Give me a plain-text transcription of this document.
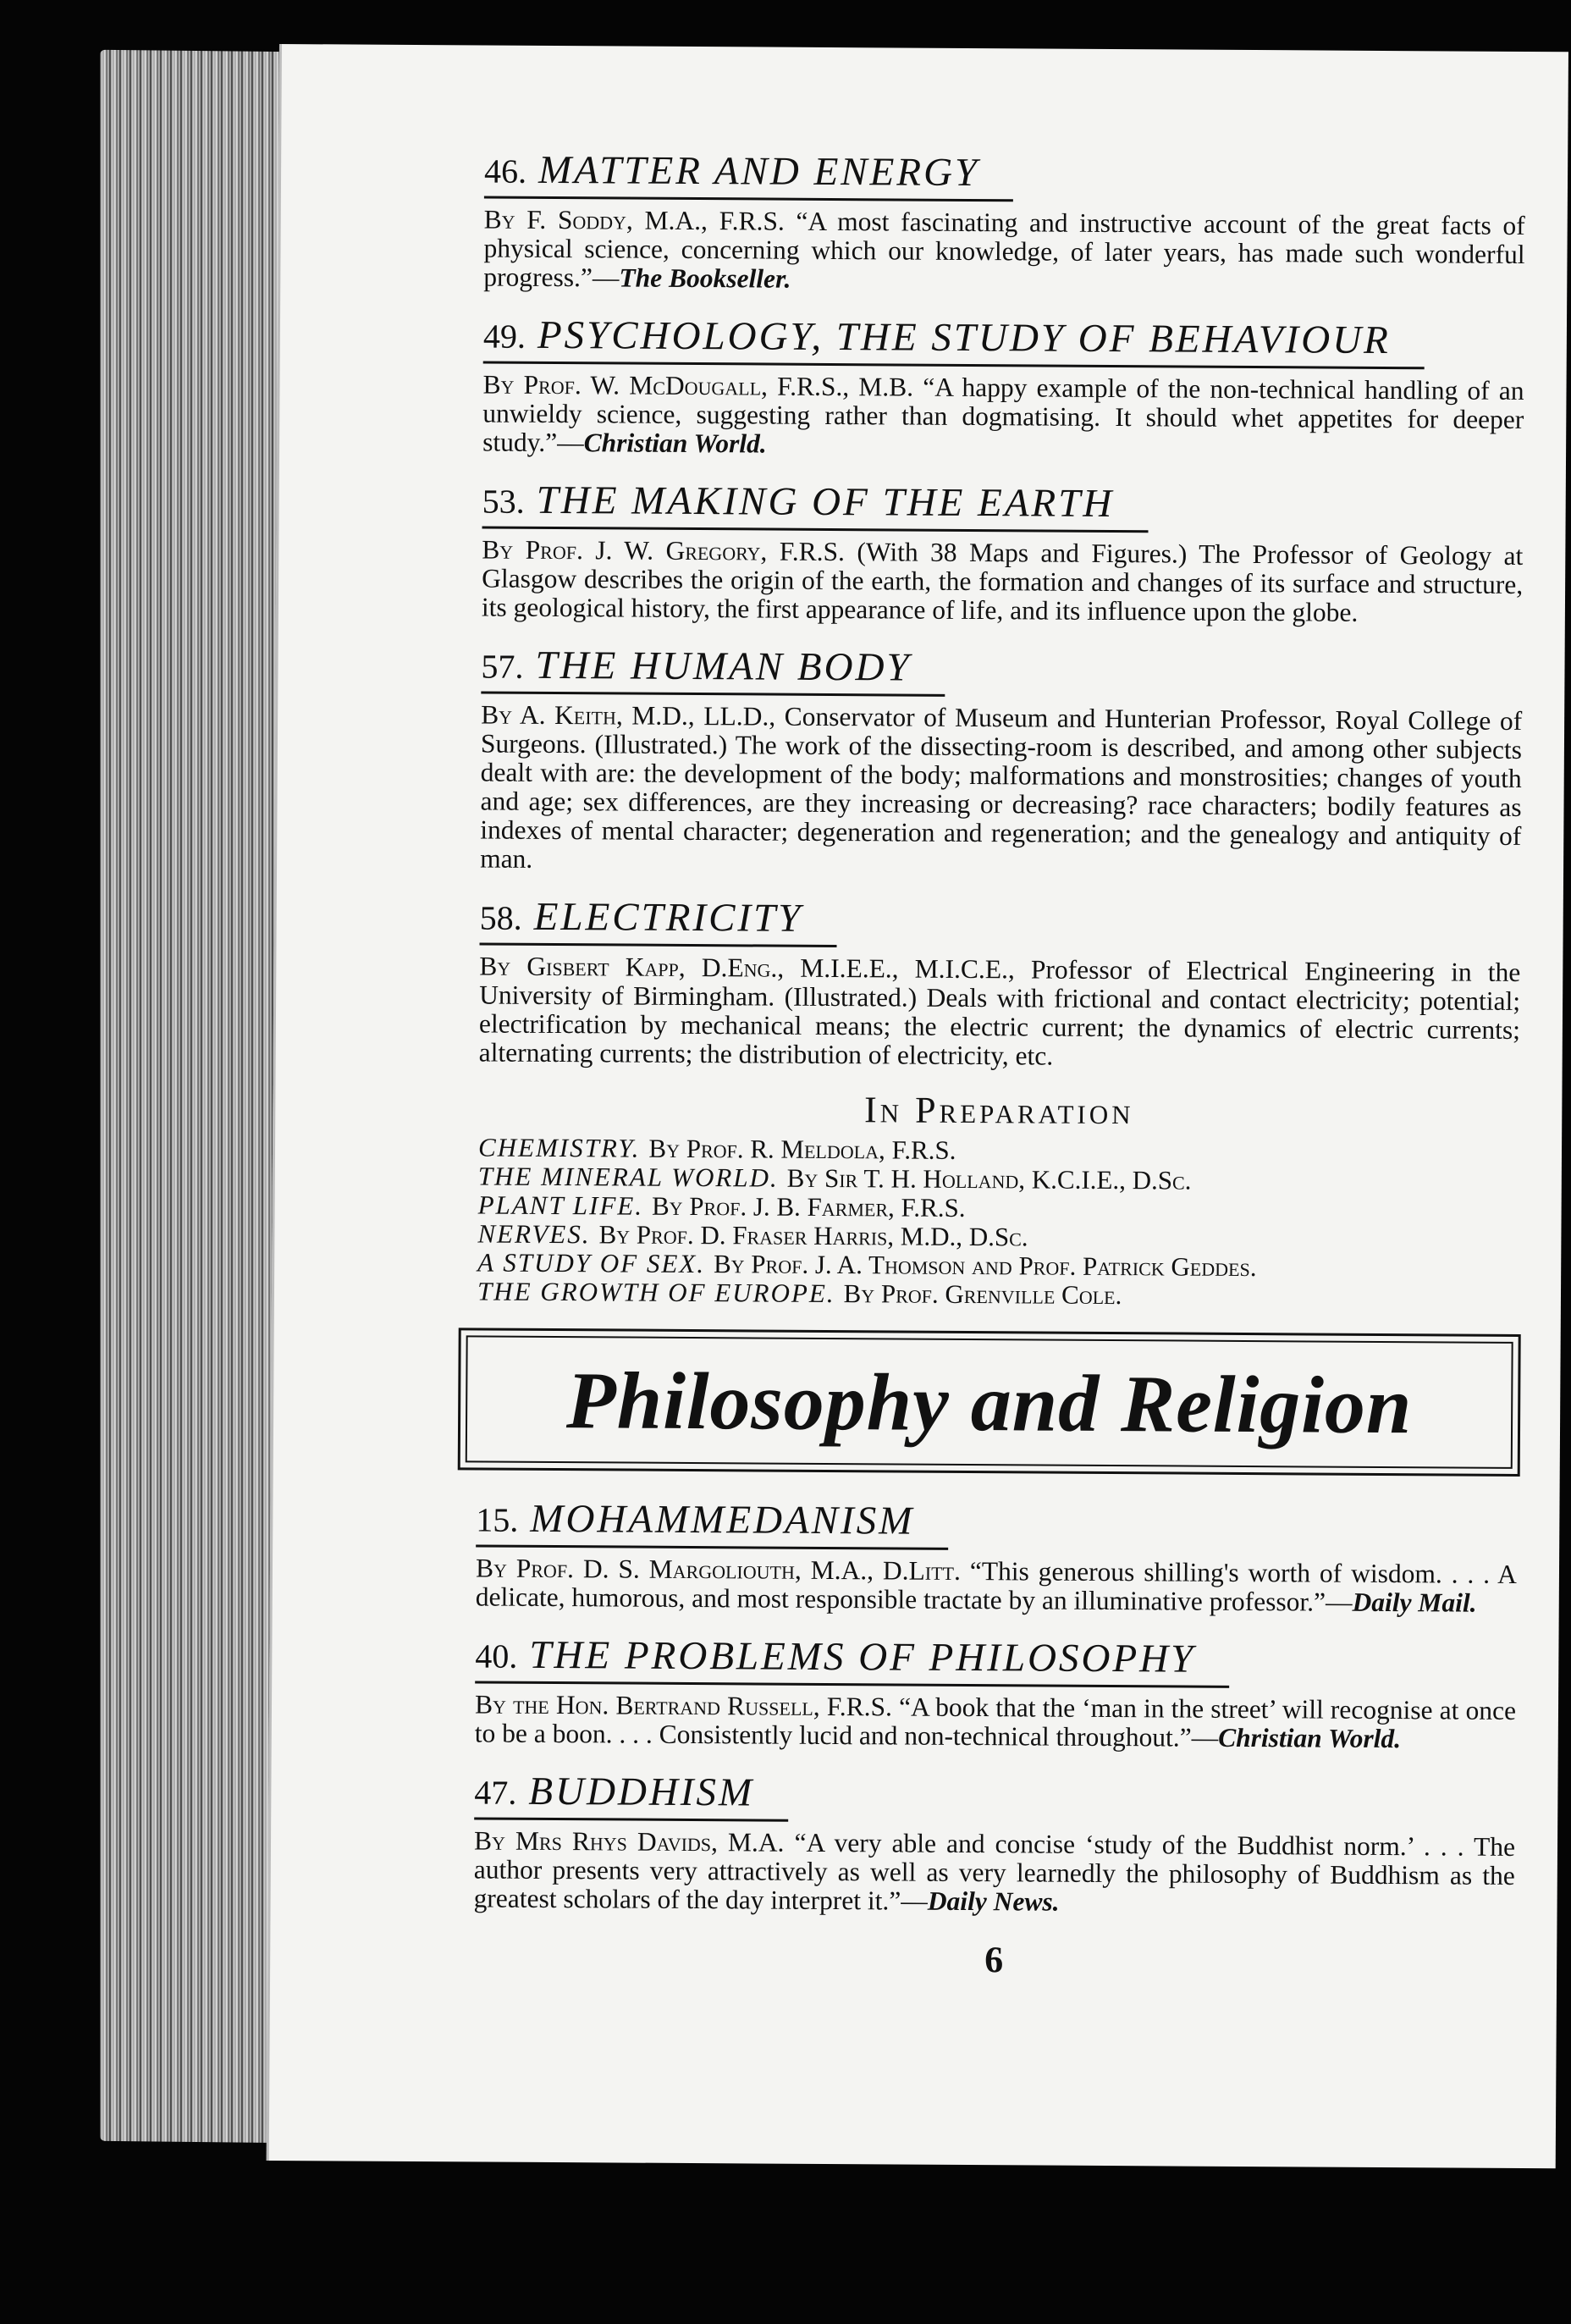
46. MATTER AND ENERGY

By F. Soddy, M.A., F.R.S. “A most fascinating and instructive account of the great facts of physical science, concerning which our knowledge, of later years, has made such wonderful progress.”—The Bookseller.

49. PSYCHOLOGY, THE STUDY OF BEHAVIOUR

By Prof. W. McDougall, F.R.S., M.B. “A happy example of the non-technical handling of an unwieldy science, suggesting rather than dogmatising. It should whet appetites for deeper study.”—Christian World.

53. THE MAKING OF THE EARTH

By Prof. J. W. Gregory, F.R.S. (With 38 Maps and Figures.) The Professor of Geology at Glasgow describes the origin of the earth, the formation and changes of its surface and structure, its geological history, the first appearance of life, and its influence upon the globe.

57. THE HUMAN BODY

By A. Keith, M.D., LL.D., Conservator of Museum and Hunterian Professor, Royal College of Surgeons. (Illustrated.) The work of the dissecting-room is described, and among other subjects dealt with are: the development of the body; malformations and monstrosities; changes of youth and age; sex differences, are they increasing or decreasing? race characters; bodily features as indexes of mental character; degeneration and regeneration; and the genealogy and antiquity of man.

58. ELECTRICITY

By Gisbert Kapp, D.Eng., M.I.E.E., M.I.C.E., Professor of Electrical Engineering in the University of Birmingham. (Illustrated.) Deals with frictional and contact electricity; potential; electrification by mechanical means; the electric current; the dynamics of electric currents; alternating currents; the distribution of electricity, etc.

In Preparation
CHEMISTRY. By Prof. R. Meldola, F.R.S.
THE MINERAL WORLD. By Sir T. H. Holland, K.C.I.E., D.Sc.
PLANT LIFE. By Prof. J. B. Farmer, F.R.S.
NERVES. By Prof. D. Fraser Harris, M.D., D.Sc.
A STUDY OF SEX. By Prof. J. A. Thomson and Prof. Patrick Geddes.
THE GROWTH OF EUROPE. By Prof. Grenville Cole.
Philosophy and Religion
15. MOHAMMEDANISM

By Prof. D. S. Margoliouth, M.A., D.Litt. “This generous shilling's worth of wisdom. . . . A delicate, humorous, and most responsible tractate by an illuminative professor.”—Daily Mail.

40. THE PROBLEMS OF PHILOSOPHY

By the Hon. Bertrand Russell, F.R.S. “A book that the ‘man in the street’ will recognise at once to be a boon. . . . Consistently lucid and non-technical throughout.”—Christian World.

47. BUDDHISM

By Mrs Rhys Davids, M.A. “A very able and concise ‘study of the Buddhist norm.’ . . . The author presents very attractively as well as very learnedly the philosophy of Buddhism as the greatest scholars of the day interpret it.”—Daily News.

6
